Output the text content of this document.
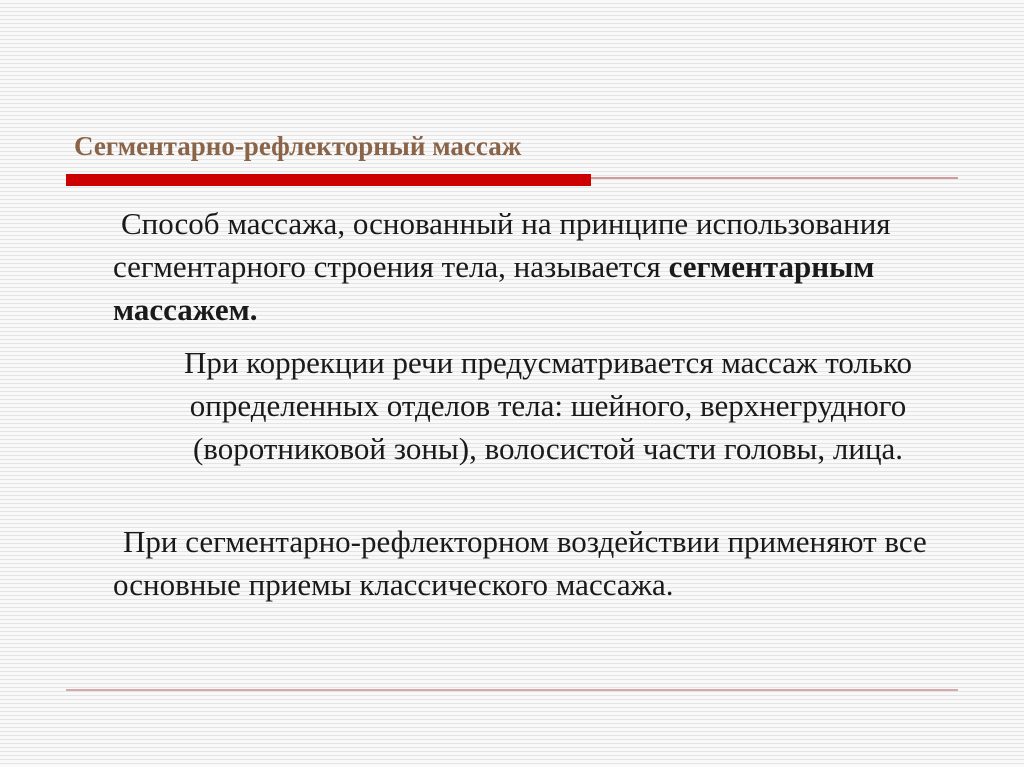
Сегментарно-рефлекторный массаж
Способ массажа, основанный на принципе использования сегментарного строения тела, называется сегментарным массажем.
При коррекции речи предусматривается массаж только определенных отделов тела: шейного, верхнегрудного (воротниковой зоны), волосистой части головы, лица.
При сегментарно-рефлекторном воздействии применяют все основные приемы классического массажа.
